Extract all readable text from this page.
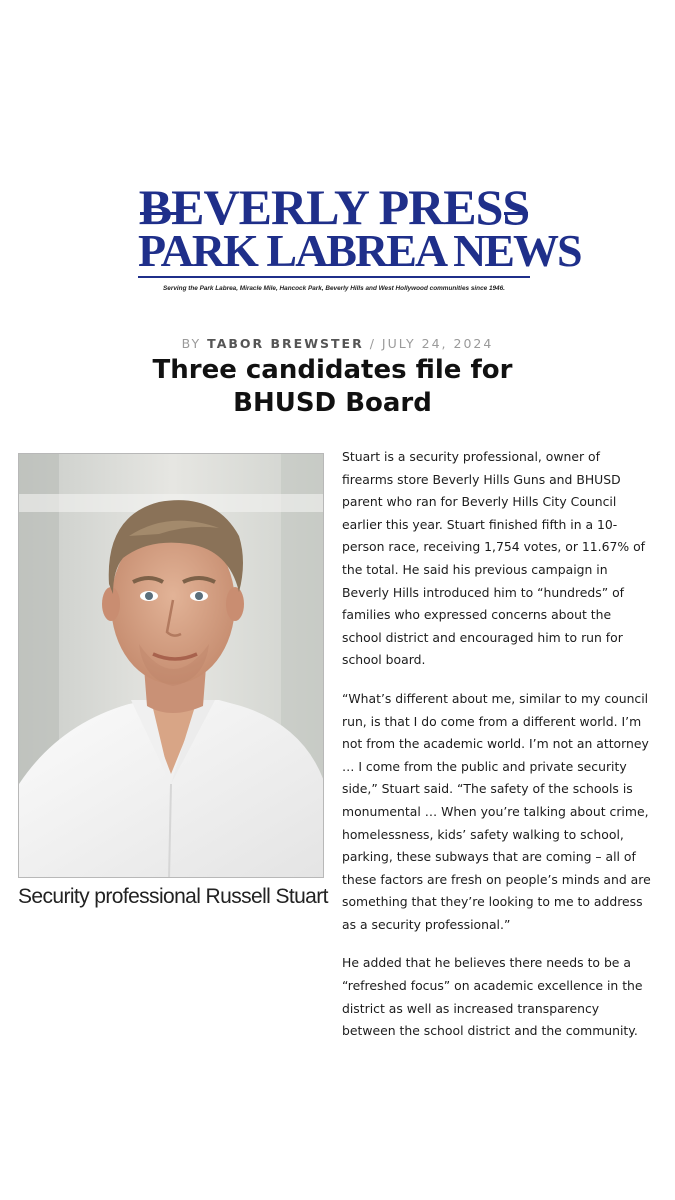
BEVERLY PRESS
PARK LABREA NEWS
Serving the Park Labrea, Miracle Mile, Hancock Park, Beverly Hills and West Hollywood communities since 1946.
BY TABOR BREWSTER / JULY 24, 2024
Three candidates file for BHUSD Board
Security professional Russell Stuart

Stuart is a security professional, owner of firearms store Beverly Hills Guns and BHUSD parent who ran for Beverly Hills City Council earlier this year. Stuart finished fifth in a 10-person race, receiving 1,754 votes, or 11.67% of the total. He said his previous campaign in Beverly Hills introduced him to “hundreds” of families who expressed concerns about the school district and encouraged him to run for school board.

“What’s different about me, similar to my council run, is that I do come from a different world. I’m not from the academic world. I’m not an attorney … I come from the public and private security side,” Stuart said. “The safety of the schools is monumental … When you’re talking about crime, homelessness, kids’ safety walking to school, parking, these subways that are coming – all of these factors are fresh on people’s minds and are something that they’re looking to me to address as a security professional.”

He added that he believes there needs to be a “refreshed focus” on academic excellence in the district as well as increased transparency between the school district and the community.
